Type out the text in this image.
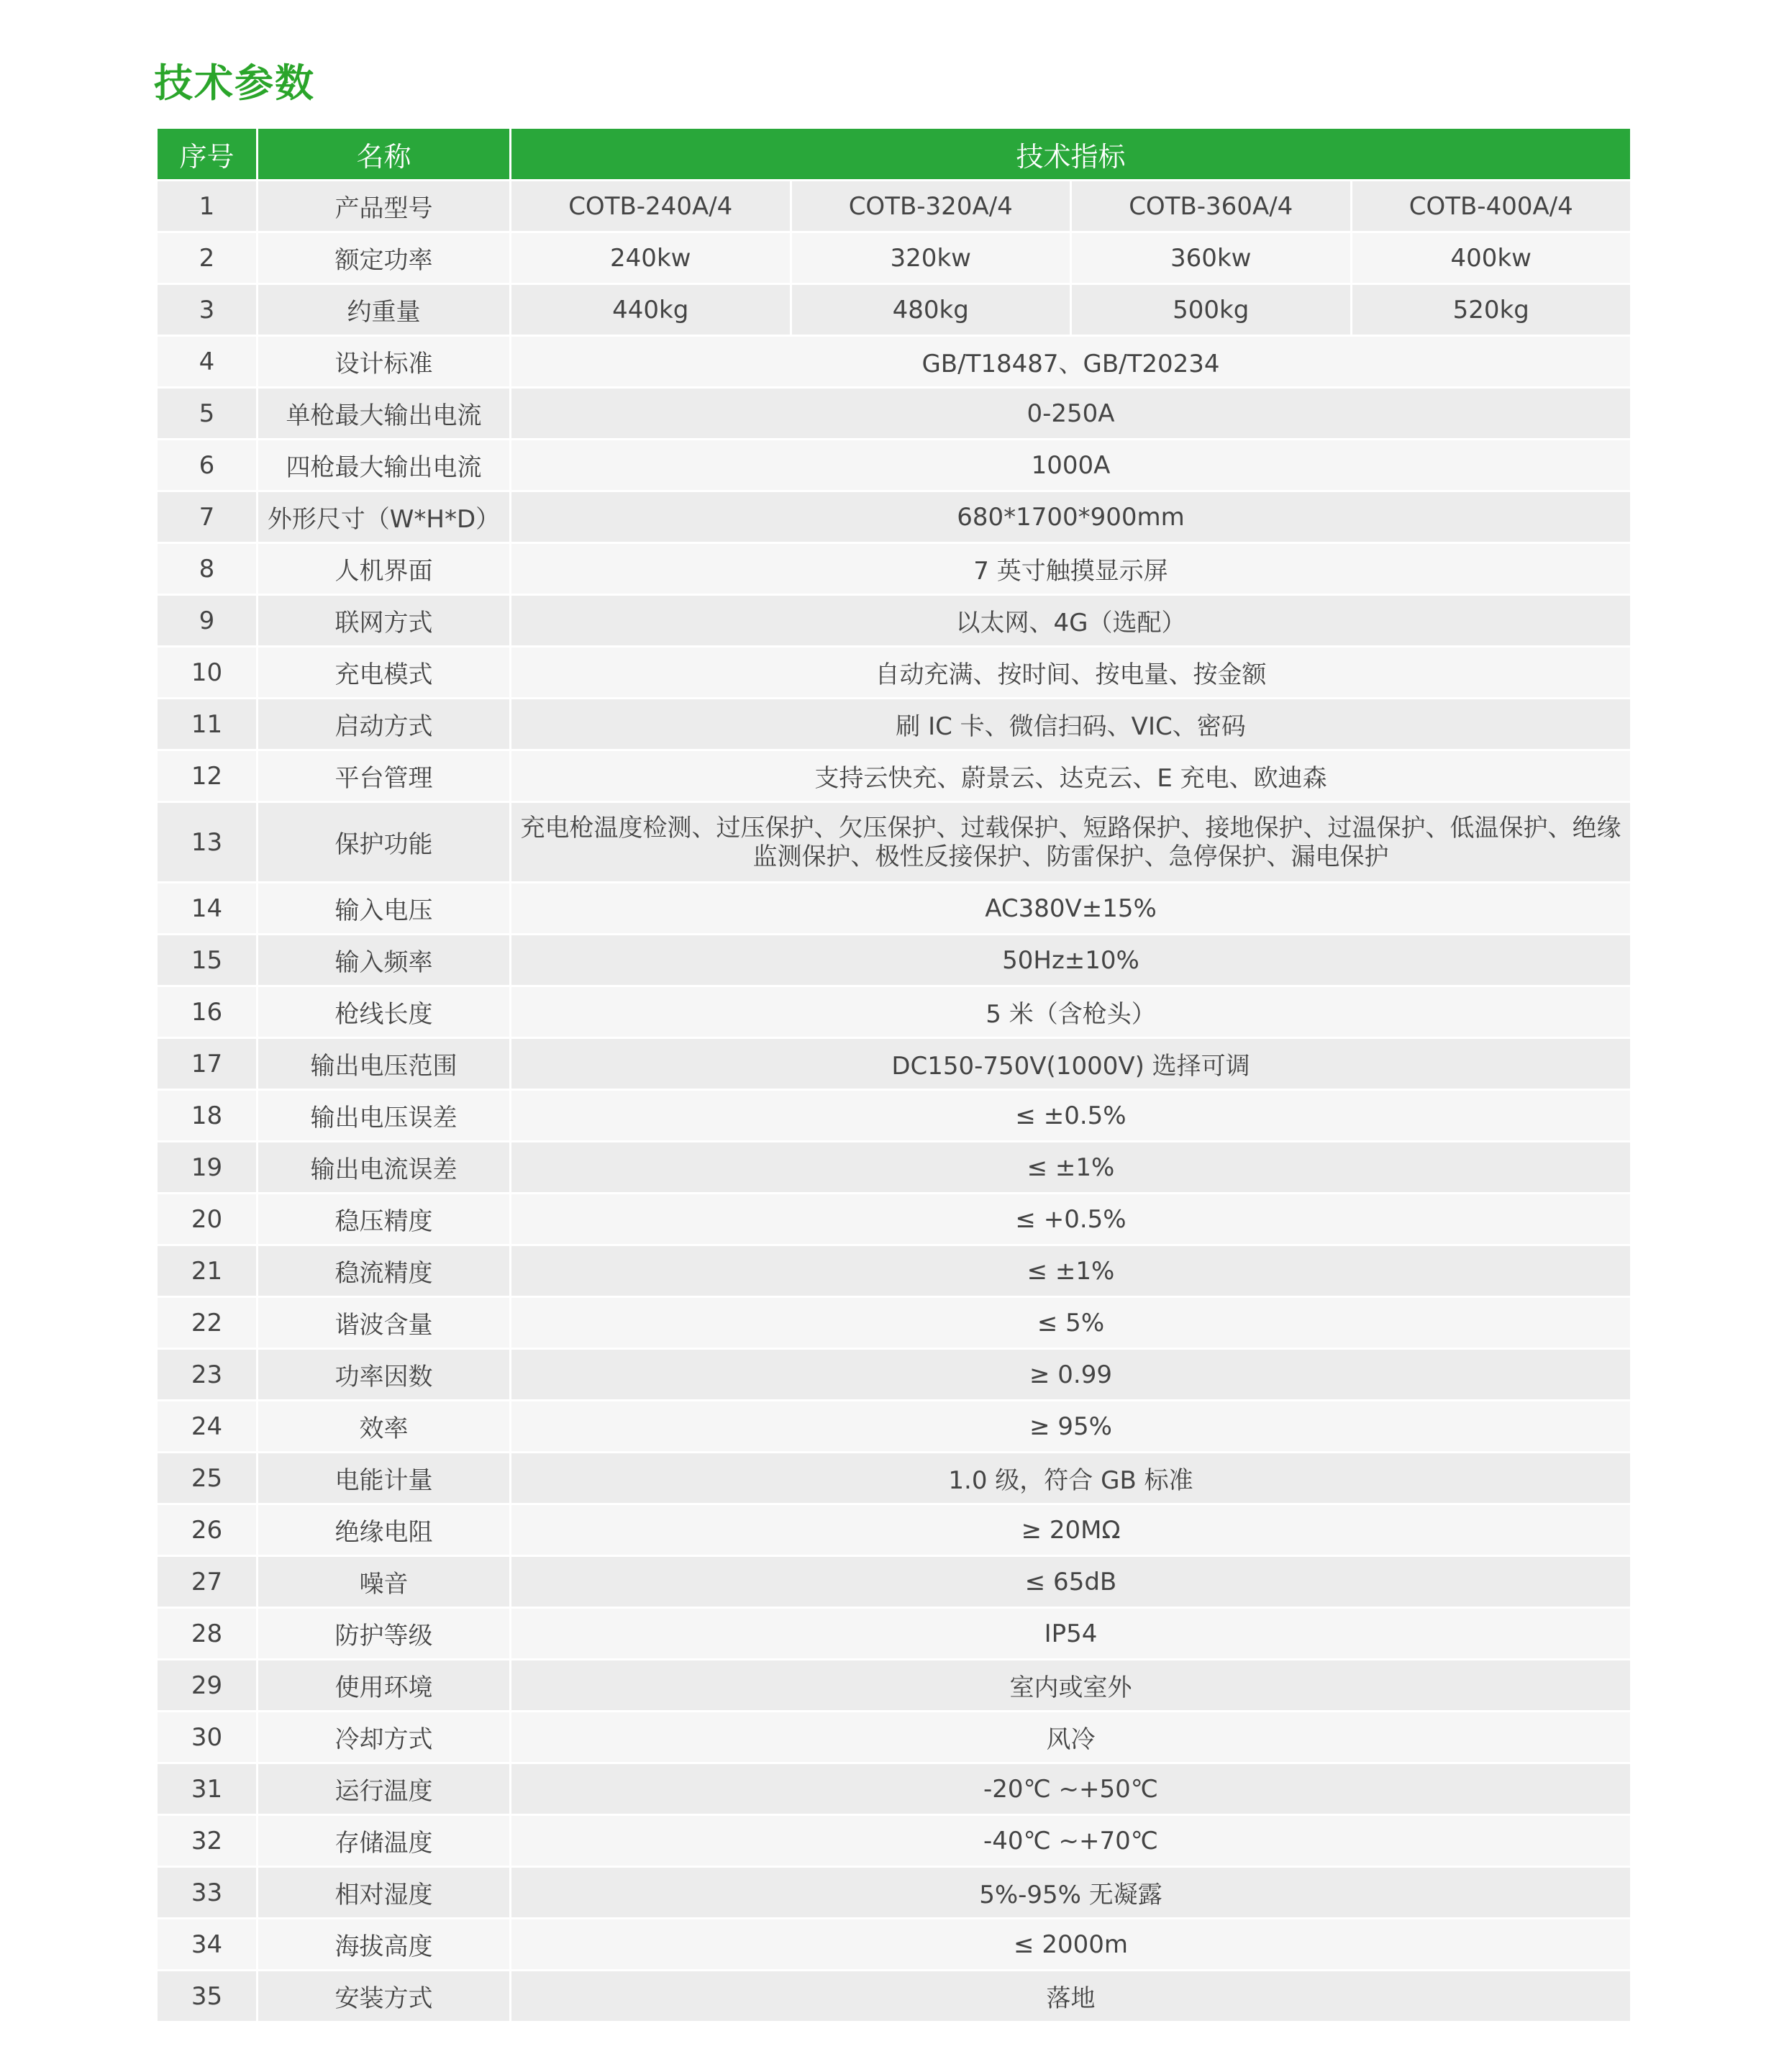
技术参数
序号	名称	技术指标			
1	产品型号	COTB-240A/4	COTB-320A/4	COTB-360A/4	COTB-400A/4
2	额定功率	240kw	320kw	360kw	400kw
3	约重量	440kg	480kg	500kg	520kg
4	设计标准	GB/T18487、GB/T20234			
5	单枪最大输出电流	0-250A			
6	四枪最大输出电流	1000A			
7	外形尺寸（W*H*D）	680*1700*900mm			
8	人机界面	7 英寸触摸显示屏			
9	联网方式	以太网、4G（选配）			
10	充电模式	自动充满、按时间、按电量、按金额			
11	启动方式	刷 IC 卡、微信扫码、VIC、密码			
12	平台管理	支持云快充、蔚景云、达克云、E 充电、欧迪森			
13	保护功能	充电枪温度检测、过压保护、欠压保护、过载保护、短路保护、接地保护、过温保护、低温保护、绝缘监测保护、极性反接保护、防雷保护、急停保护、漏电保护			
14	输入电压	AC380V±15%			
15	输入频率	50Hz±10%			
16	枪线长度	5 米（含枪头）			
17	输出电压范围	DC150-750V(1000V) 选择可调			
18	输出电压误差	≤ ±0.5%			
19	输出电流误差	≤ ±1%			
20	稳压精度	≤ +0.5%			
21	稳流精度	≤ ±1%			
22	谐波含量	≤ 5%			
23	功率因数	≥ 0.99			
24	效率	≥ 95%			
25	电能计量	1.0 级，符合 GB 标准			
26	绝缘电阻	≥ 20MΩ			
27	噪音	≤ 65dB			
28	防护等级	IP54			
29	使用环境	室内或室外			
30	冷却方式	风冷			
31	运行温度	-20℃ ~+50℃			
32	存储温度	-40℃ ~+70℃			
33	相对湿度	5%-95% 无凝露			
34	海拔高度	≤ 2000m			
35	安装方式	落地			
